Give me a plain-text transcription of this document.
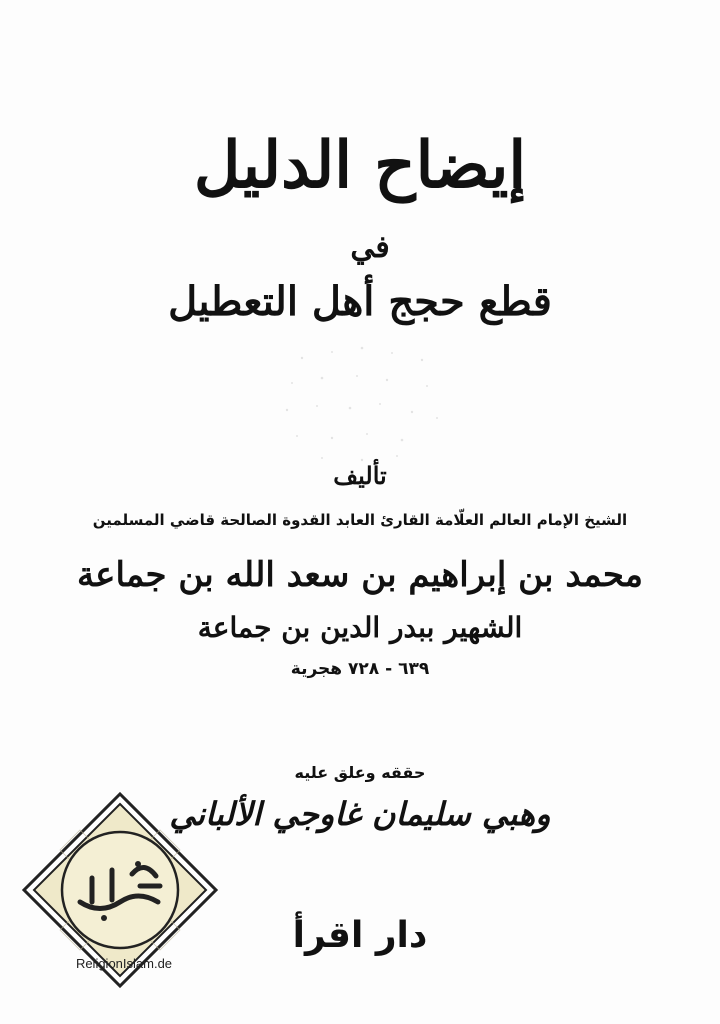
إيضاح الدليل
في
قطع حجج أهل التعطيل
تأليف
الشيخ الإمام العالم العلّامة القارئ العابد القدوة الصالحة قاضي المسلمين
محمد بن إبراهيم بن سعد الله بن جماعة
الشهير ببدر الدين بن جماعة
٦٣٩ - ٧٢٨ هجرية
حققه وعلق عليه
وهبي سليمان غاوجي الألباني
دار اقرأ
ReligionIslam.de
